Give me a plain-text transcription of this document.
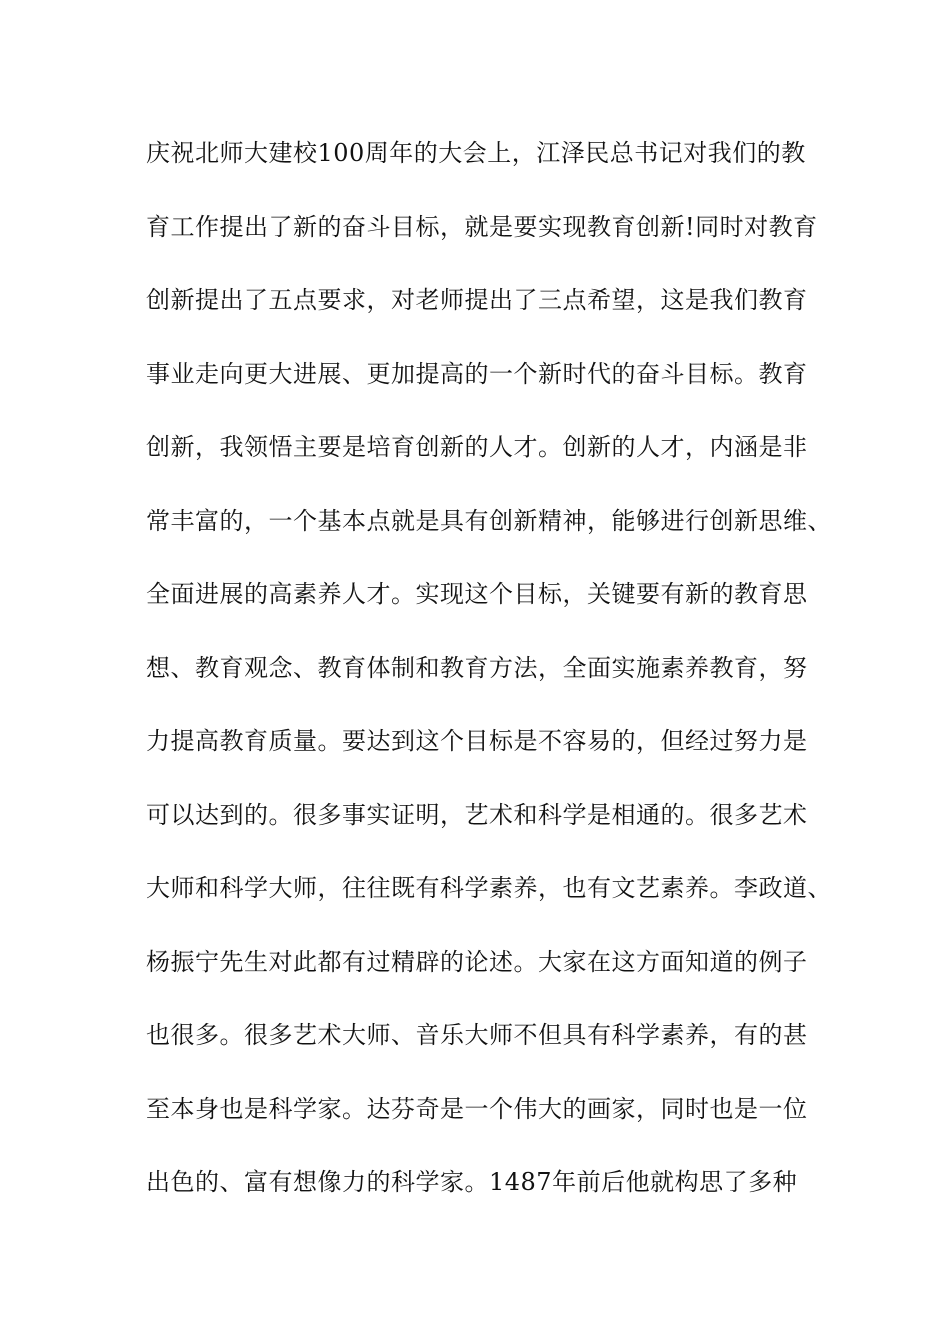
庆祝北师大建校100周年的大会上，江泽民总书记对我们的教
育工作提出了新的奋斗目标，就是要实现教育创新!同时对教育
创新提出了五点要求，对老师提出了三点希望，这是我们教育
事业走向更大进展、更加提高的一个新时代的奋斗目标。教育
创新，我领悟主要是培育创新的人才。创新的人才，内涵是非
常丰富的，一个基本点就是具有创新精神，能够进行创新思维、
全面进展的高素养人才。实现这个目标，关键要有新的教育思
想、教育观念、教育体制和教育方法，全面实施素养教育，努
力提高教育质量。要达到这个目标是不容易的，但经过努力是
可以达到的。很多事实证明，艺术和科学是相通的。很多艺术
大师和科学大师，往往既有科学素养，也有文艺素养。李政道、
杨振宁先生对此都有过精辟的论述。大家在这方面知道的例子
也很多。很多艺术大师、音乐大师不但具有科学素养，有的甚
至本身也是科学家。达芬奇是一个伟大的画家，同时也是一位
出色的、富有想像力的科学家。1487年前后他就构思了多种
